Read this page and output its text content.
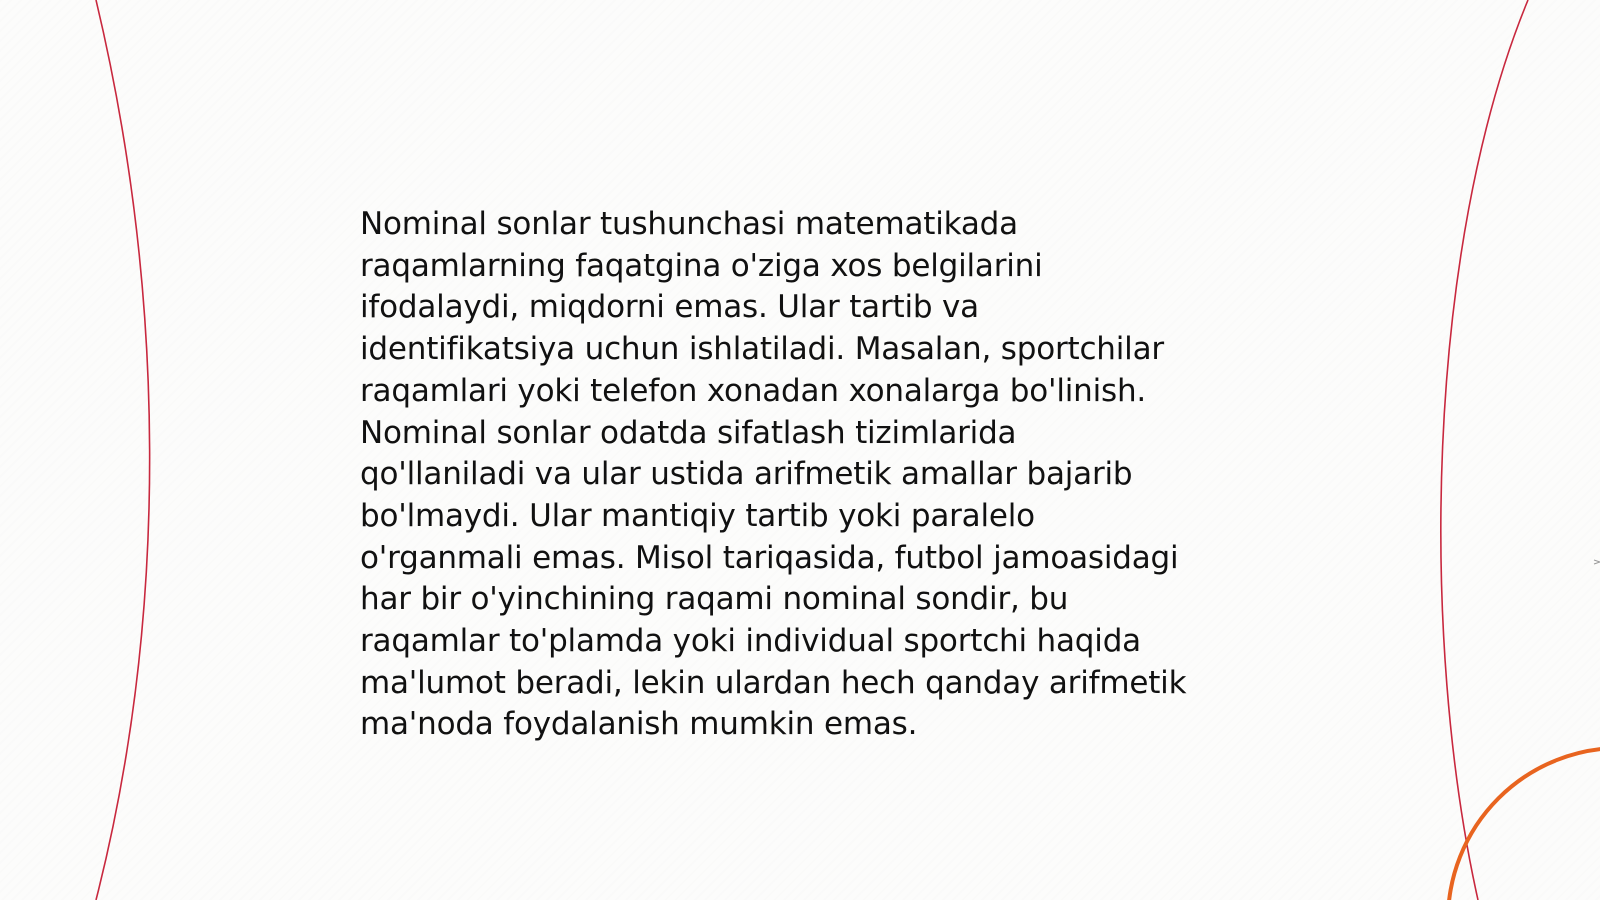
Nominal sonlar tushunchasi matematikada
raqamlarning faqatgina o'ziga xos belgilarini
ifodalaydi, miqdorni emas. Ular tartib va
identifikatsiya uchun ishlatiladi. Masalan, sportchilar
raqamlari yoki telefon xonadan xonalarga bo'linish.
Nominal sonlar odatda sifatlash tizimlarida
qo'llaniladi va ular ustida arifmetik amallar bajarib
bo'lmaydi. Ular mantiqiy tartib yoki paralelo
o'rganmali emas. Misol tariqasida, futbol jamoasidagi
har bir o'yinchining raqami nominal sondir, bu
raqamlar to'plamda yoki individual sportchi haqida
ma'lumot beradi, lekin ulardan hech qanday arifmetik
ma'noda foydalanish mumkin emas.
